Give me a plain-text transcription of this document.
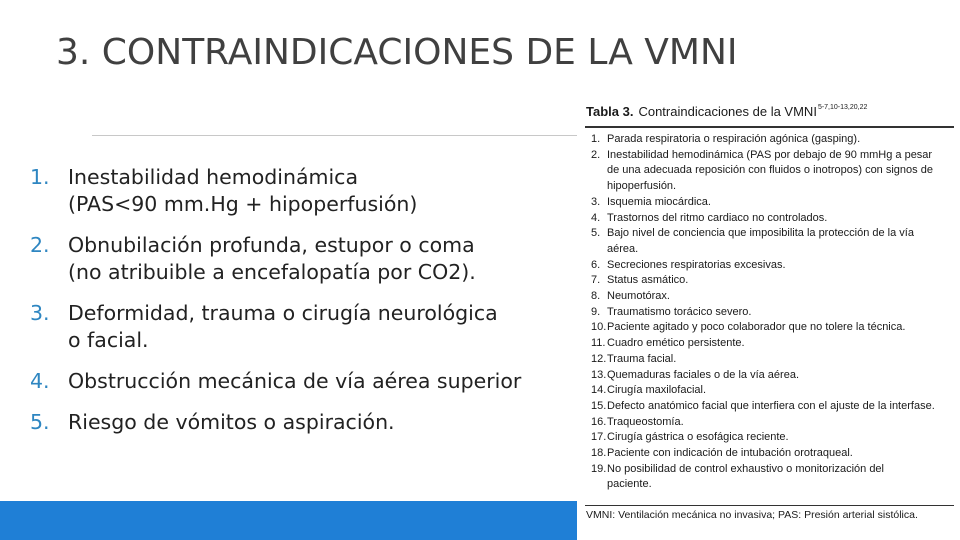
3. CONTRAINDICACIONES DE LA VMNI
1. Inestabilidad hemodinámica
(PAS<90 mm.Hg + hipoperfusión)
2. Obnubilación profunda, estupor o coma
(no atribuible a encefalopatía por CO2).
3. Deformidad, trauma o cirugía neurológica
o facial.
4. Obstrucción mecánica de vía aérea superior
5. Riesgo de vómitos o aspiración.
Tabla 3. Contraindicaciones de la VMNI 5-7,10-13,20,22
1. Parada respiratoria o respiración agónica (gasping).
2. Inestabilidad hemodinámica (PAS por debajo de 90 mmHg a pesar
de una adecuada reposición con fluidos o inotropos) con signos de
hipoperfusión.
3. Isquemia miocárdica.
4. Trastornos del ritmo cardiaco no controlados.
5. Bajo nivel de conciencia que imposibilita la protección de la vía
aérea.
6. Secreciones respiratorias excesivas.
7. Status asmático.
8. Neumotórax.
9. Traumatismo torácico severo.
10. Paciente agitado y poco colaborador que no tolere la técnica.
11. Cuadro emético persistente.
12. Trauma facial.
13. Quemaduras faciales o de la vía aérea.
14. Cirugía maxilofacial.
15. Defecto anatómico facial que interfiera con el ajuste de la interfase.
16. Traqueostomía.
17. Cirugía gástrica o esofágica reciente.
18. Paciente con indicación de intubación orotraqueal.
19. No posibilidad de control exhaustivo o monitorización del
paciente.
VMNI: Ventilación mecánica no invasiva; PAS: Presión arterial sistólica.
